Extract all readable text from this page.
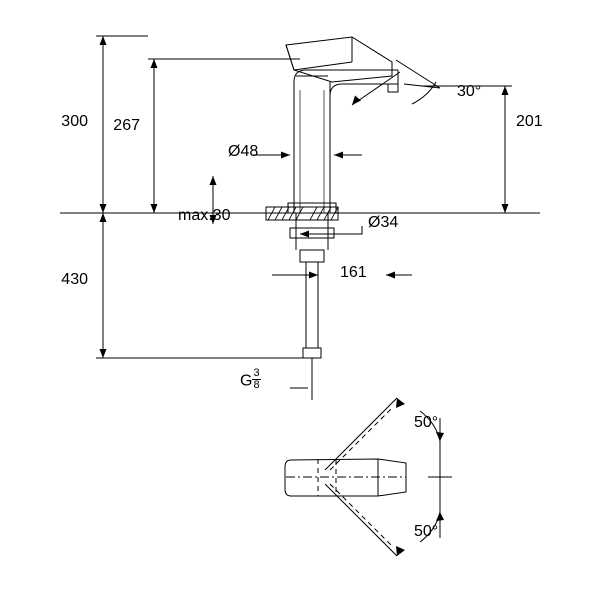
300 267
430
201
Ø48
Ø34
max.30
161
30°
50°
50°
G $\frac{3}{8}$
